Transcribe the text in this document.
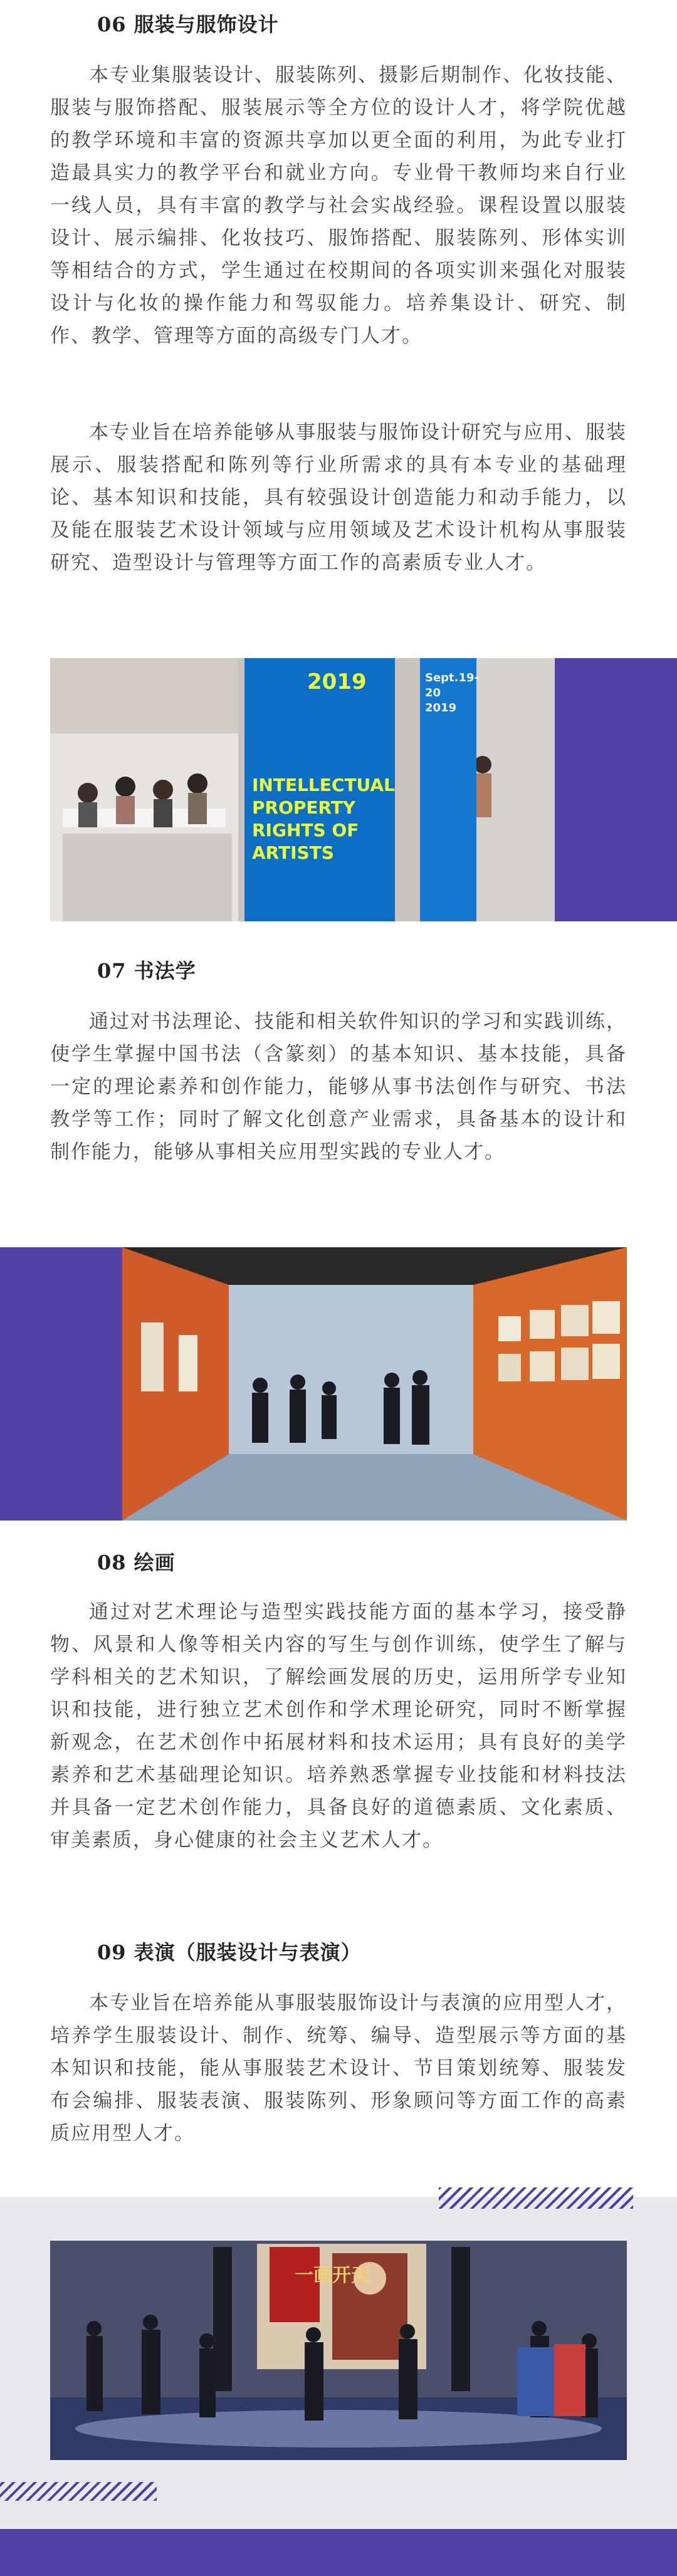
06 服装与服饰设计

本专业集服装设计、服装陈列、摄影后期制作、化妆技能、服装与服饰搭配、服装展示等全方位的设计人才，将学院优越的教学环境和丰富的资源共享加以更全面的利用，为此专业打造最具实力的教学平台和就业方向。专业骨干教师均来自行业一线人员，具有丰富的教学与社会实战经验。课程设置以服装设计、展示编排、化妆技巧、服饰搭配、服装陈列、形体实训等相结合的方式，学生通过在校期间的各项实训来强化对服装设计与化妆的操作能力和驾驭能力。培养集设计、研究、制作、教学、管理等方面的高级专门人才。

本专业旨在培养能够从事服装与服饰设计研究与应用、服装展示、服装搭配和陈列等行业所需求的具有本专业的基础理论、基本知识和技能，具有较强设计创造能力和动手能力，以及能在服装艺术设计领域与应用领域及艺术设计机构从事服装研究、造型设计与管理等方面工作的高素质专业人才。

2019
INTELLECTUAL PROPERTY RIGHTS OF ARTISTS
Sept.19-20 2019
07 书法学

通过对书法理论、技能和相关软件知识的学习和实践训练，使学生掌握中国书法（含篆刻）的基本知识、基本技能，具备一定的理论素养和创作能力，能够从事书法创作与研究、书法教学等工作；同时了解文化创意产业需求，具备基本的设计和制作能力，能够从事相关应用型实践的专业人才。

08 绘画

通过对艺术理论与造型实践技能方面的基本学习，接受静物、风景和人像等相关内容的写生与创作训练，使学生了解与学科相关的艺术知识，了解绘画发展的历史，运用所学专业知识和技能，进行独立艺术创作和学术理论研究，同时不断掌握新观念，在艺术创作中拓展材料和技术运用；具有良好的美学素养和艺术基础理论知识。培养熟悉掌握专业技能和材料技法并具备一定艺术创作能力，具备良好的道德素质、文化素质、审美素质，身心健康的社会主义艺术人才。

09 表演（服装设计与表演）

本专业旨在培养能从事服装服饰设计与表演的应用型人才，培养学生服装设计、制作、统筹、编导、造型展示等方面的基本知识和技能，能从事服装艺术设计、节目策划统筹、服装发布会编排、服装表演、服装陈列、形象顾问等方面工作的高素质应用型人才。

一画开天
